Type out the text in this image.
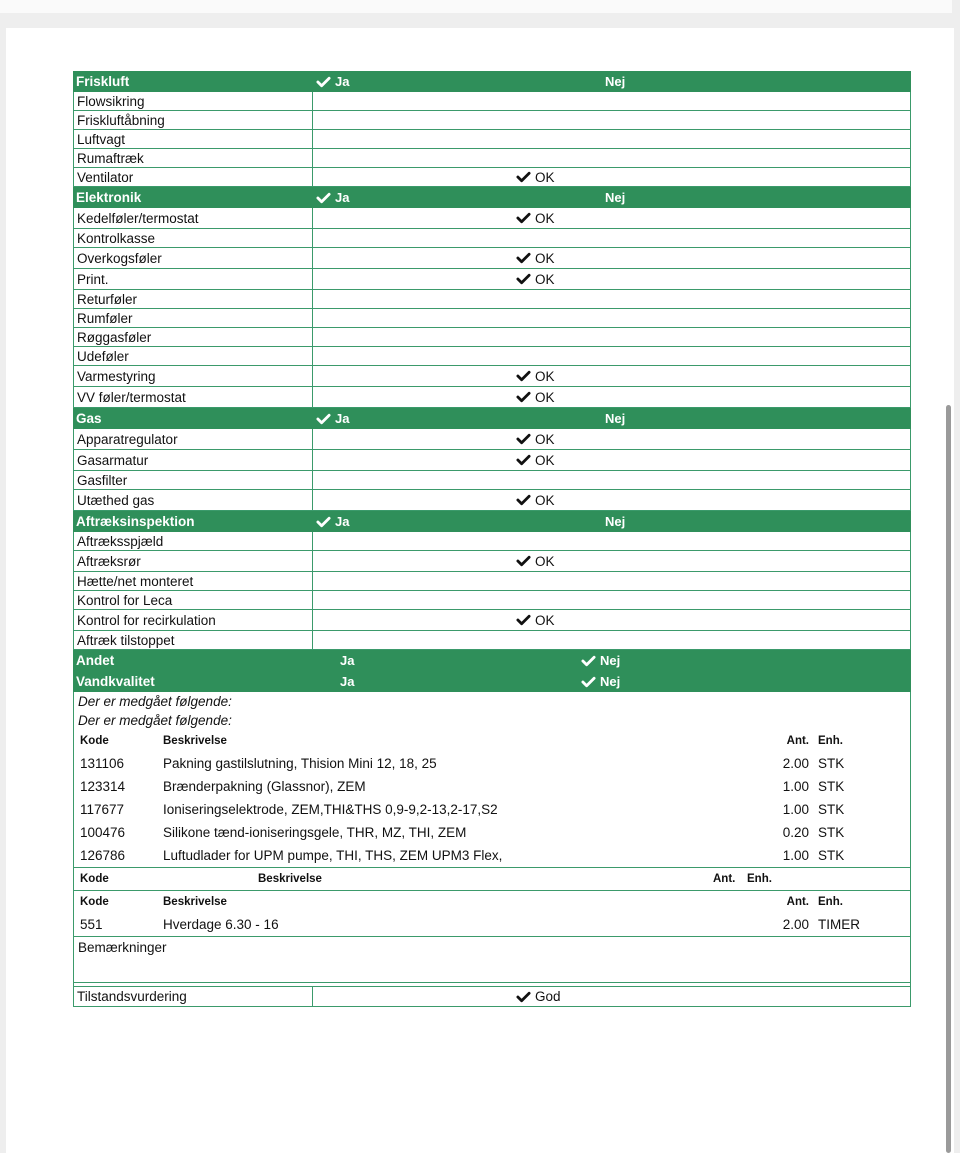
Friskluft	Ja	Nej
Flowsikring
Friskluftåbning
Luftvagt
Rumaftræk
Ventilator	OK
Elektronik	Ja	Nej
Kedelføler/termostat	OK
Kontrolkasse
Overkogsføler	OK
Print.	OK
Returføler
Rumføler
Røggasføler
Udeføler
Varmestyring	OK
VV føler/termostat	OK
Gas	Ja	Nej
Apparatregulator	OK
Gasarmatur	OK
Gasfilter
Utæthed gas	OK
Aftræksinspektion	Ja	Nej
Aftræksspjæld
Aftræksrør	OK
Hætte/net monteret
Kontrol for Leca
Kontrol for recirkulation	OK
Aftræk tilstoppet
Andet	Ja	Nej
Vandkvalitet	Ja	Nej
Der er medgået følgende:
Der er medgået følgende:
Kode	Beskrivelse	Ant. Enh.
131106	Pakning gastilslutning, Thision Mini 12, 18, 25	2.00 STK
123314	Brænderpakning (Glassnor), ZEM	1.00 STK
117677	Ioniseringselektrode, ZEM,THI&THS 0,9-9,2-13,2-17,S2	1.00 STK
100476	Silikone tænd-ioniseringsgele, THR, MZ, THI, ZEM	0.20 STK
126786	Luftudlader for UPM pumpe, THI, THS, ZEM UPM3 Flex,	1.00 STK
Kode	Beskrivelse	Ant. Enh.
Kode	Beskrivelse	Ant. Enh.
551	Hverdage 6.30 - 16	2.00 TIMER
Bemærkninger
Tilstandsvurdering	God
